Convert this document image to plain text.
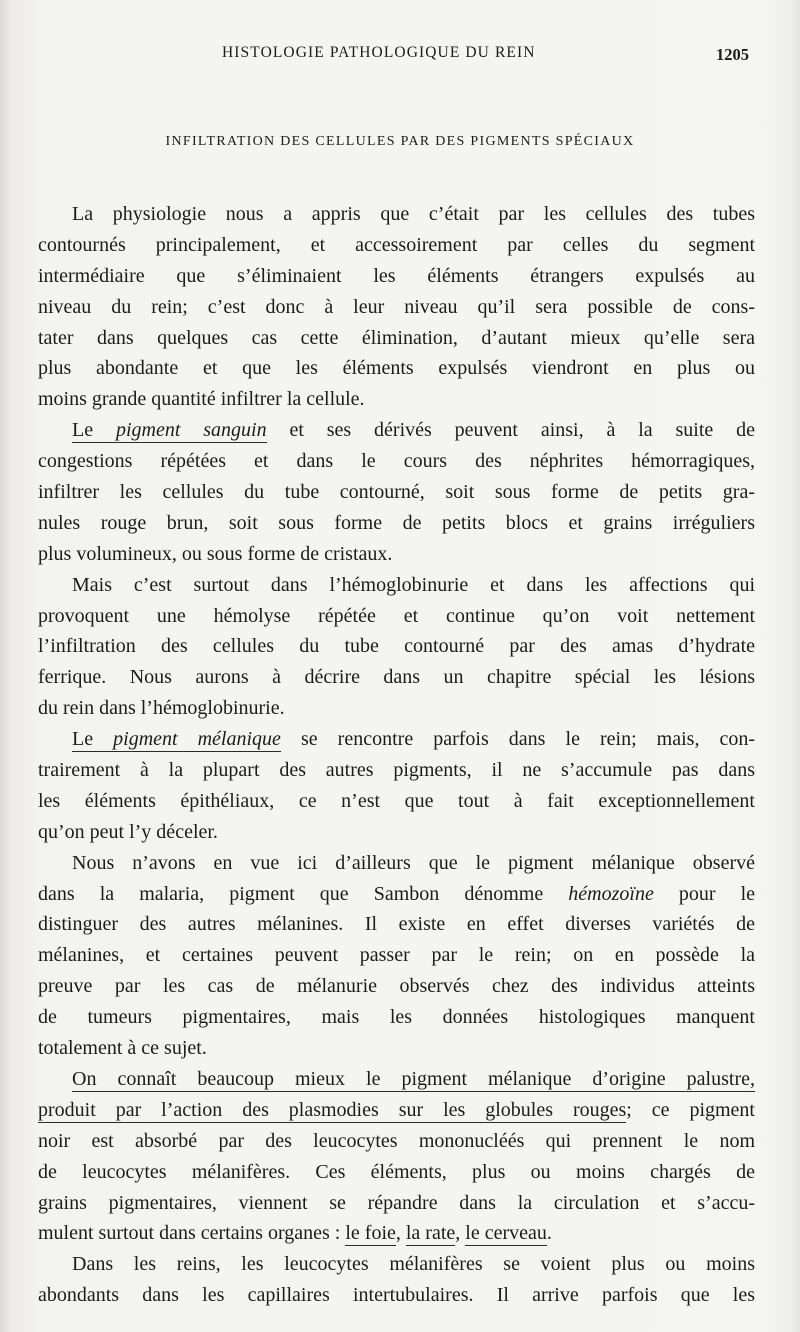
HISTOLOGIE PATHOLOGIQUE DU REIN	1205
INFILTRATION DES CELLULES PAR DES PIGMENTS SPÉCIAUX
La physiologie nous a appris que c’était par les cellules des tubes
contournés principalement, et accessoirement par celles du segment
intermédiaire que s’éliminaient les éléments étrangers expulsés au
niveau du rein; c’est donc à leur niveau qu’il sera possible de cons-
tater dans quelques cas cette élimination, d’autant mieux qu’elle sera
plus abondante et que les éléments expulsés viendront en plus ou
moins grande quantité infiltrer la cellule.
Le pigment sanguin et ses dérivés peuvent ainsi, à la suite de
congestions répétées et dans le cours des néphrites hémorragiques,
infiltrer les cellules du tube contourné, soit sous forme de petits gra-
nules rouge brun, soit sous forme de petits blocs et grains irréguliers
plus volumineux, ou sous forme de cristaux.
Mais c’est surtout dans l’hémoglobinurie et dans les affections qui
provoquent une hémolyse répétée et continue qu’on voit nettement
l’infiltration des cellules du tube contourné par des amas d’hydrate
ferrique. Nous aurons à décrire dans un chapitre spécial les lésions
du rein dans l’hémoglobinurie.
Le pigment mélanique se rencontre parfois dans le rein; mais, con-
trairement à la plupart des autres pigments, il ne s’accumule pas dans
les éléments épithéliaux, ce n’est que tout à fait exceptionnellement
qu’on peut l’y déceler.
Nous n’avons en vue ici d’ailleurs que le pigment mélanique observé
dans la malaria, pigment que Sambon dénomme hémozoïne pour le
distinguer des autres mélanines. Il existe en effet diverses variétés de
mélanines, et certaines peuvent passer par le rein; on en possède la
preuve par les cas de mélanurie observés chez des individus atteints
de tumeurs pigmentaires, mais les données histologiques manquent
totalement à ce sujet.
On connaît beaucoup mieux le pigment mélanique d’origine palustre,
produit par l’action des plasmodies sur les globules rouges; ce pigment
noir est absorbé par des leucocytes mononucléés qui prennent le nom
de leucocytes mélanifères. Ces éléments, plus ou moins chargés de
grains pigmentaires, viennent se répandre dans la circulation et s’accu-
mulent surtout dans certains organes : le foie, la rate, le cerveau.
Dans les reins, les leucocytes mélanifères se voient plus ou moins
abondants dans les capillaires intertubulaires. Il arrive parfois que les
